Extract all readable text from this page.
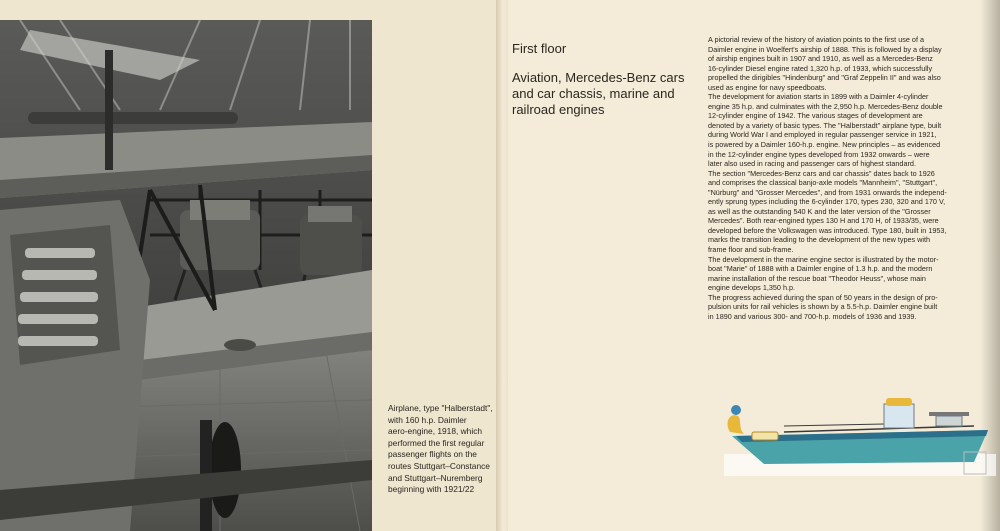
Airplane, type "Halberstadt",
with 160 h.p. Daimler
aero-engine, 1918, which
performed the first regular
passenger flights on the
routes Stuttgart–Constance
and Stuttgart–Nuremberg
beginning with 1921/22
First floor
Aviation, Mercedes-Benz cars
and car chassis, marine and
railroad engines
A pictorial review of the history of aviation points to the first use of a
Daimler engine in Woelfert's airship of 1888. This is followed by a display
of airship engines built in 1907 and 1910, as well as a Mercedes-Benz
16-cylinder Diesel engine rated 1,320 h.p. of 1933, which successfully
propelled the dirigibles "Hindenburg" and "Graf Zeppelin II" and was also
used as engine for navy speedboats.
The development for aviation starts in 1899 with a Daimler 4-cylinder
engine 35 h.p. and culminates with the 2,950 h.p. Mercedes-Benz double
12-cylinder engine of 1942. The various stages of development are
denoted by a variety of basic types. The "Halberstadt" airplane type, built
during World War I and employed in regular passenger service in 1921,
is powered by a Daimler 160-h.p. engine. New principles – as evidenced
in the 12-cylinder engine types developed from 1932 onwards – were
later also used in racing and passenger cars of highest standard.
The section "Mercedes-Benz cars and car chassis" dates back to 1926
and comprises the classical banjo-axle models "Mannheim", "Stuttgart",
"Nürburg" and "Grosser Mercedes", and from 1931 onwards the independ-
ently sprung types including the 6-cylinder 170, types 230, 320 and 170 V,
as well as the outstanding 540 K and the later version of the "Grosser
Mercedes". Both rear-engined types 130 H and 170 H, of 1933/35, were
developed before the Volkswagen was introduced. Type 180, built in 1953,
marks the transition leading to the development of the new types with
frame floor and sub-frame.
The development in the marine engine sector is illustrated by the motor-
boat "Marie" of 1888 with a Daimler engine of 1.3 h.p. and the modern
marine installation of the rescue boat "Theodor Heuss", whose main
engine develops 1,350 h.p.
The progress achieved during the span of 50 years in the design of pro-
pulsion units for rail vehicles is shown by a 5.5-h.p. Daimler engine built
in 1890 and various 300- and 700-h.p. models of 1936 and 1939.
